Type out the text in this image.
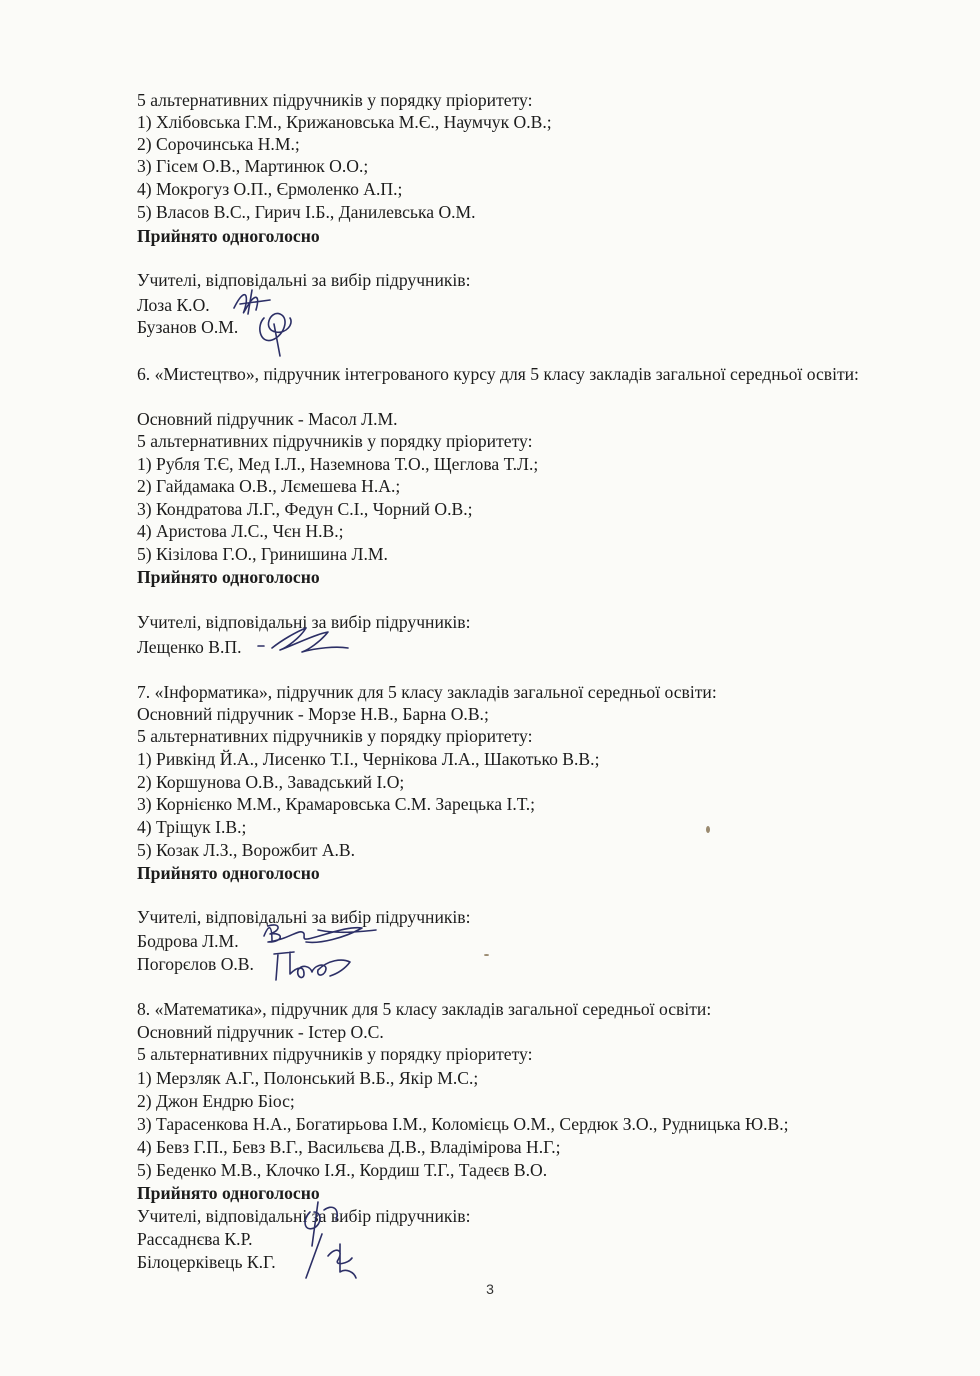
5 альтернативних підручників у порядку пріоритету:
1) Хлібовська Г.М., Крижановська М.Є., Наумчук О.В.;
2) Сорочинська Н.М.;
3) Гісем О.В., Мартинюк О.О.;
4) Мокрогуз О.П., Єрмоленко А.П.;
5) Власов В.С., Гирич І.Б., Данилевська О.М.
Прийнято одноголосно
Учителі, відповідальні за вибір підручників:
Лоза К.О.
Бузанов О.М.
6. «Мистецтво», підручник інтегрованого курсу для 5 класу закладів загальної середньої освіти:
Основний підручник - Масол Л.М.
5 альтернативних підручників у порядку пріоритету:
1) Рубля Т.Є, Мед І.Л., Наземнова Т.О., Щеглова Т.Л.;
2) Гайдамака О.В., Лємешева Н.А.;
3) Кондратова Л.Г., Федун С.І., Чорний О.В.;
4) Аристова Л.С., Чєн Н.В.;
5) Кізілова Г.О., Гринишина Л.М.
Прийнято одноголосно
Учителі, відповідальні за вибір підручників:
Лещенко В.П.
7. «Інформатика», підручник для 5 класу закладів загальної середньої освіти:
Основний підручник - Морзе Н.В., Барна О.В.;
5 альтернативних підручників у порядку пріоритету:
1) Ривкінд Й.А., Лисенко Т.І., Чернікова Л.А., Шакотько В.В.;
2) Коршунова О.В., Завадський І.О;
3) Корнієнко М.М., Крамаровська С.М. Зарецька І.Т.;
4) Тріщук І.В.;
5) Козак Л.З., Ворожбит А.В.
Прийнято одноголосно
Учителі, відповідальні за вибір підручників:
Бодрова Л.М.
Погорєлов О.В.
8. «Математика», підручник для 5 класу закладів загальної середньої освіти:
Основний підручник - Істер О.С.
5 альтернативних підручників у порядку пріоритету:
1) Мерзляк А.Г., Полонський В.Б., Якір М.С.;
2) Джон Ендрю Біос;
3) Тарасенкова Н.А., Богатирьова І.М., Коломієць О.М., Сердюк З.О., Рудницька Ю.В.;
4) Бевз Г.П., Бевз В.Г., Васильєва Д.В., Владімірова Н.Г.;
5) Беденко М.В., Клочко І.Я., Кордиш Т.Г., Тадеєв В.О.
Прийнято одноголосно
Учителі, відповідальні за вибір підручників:
Рассаднєва К.Р.
Білоцерківець К.Г.
3
